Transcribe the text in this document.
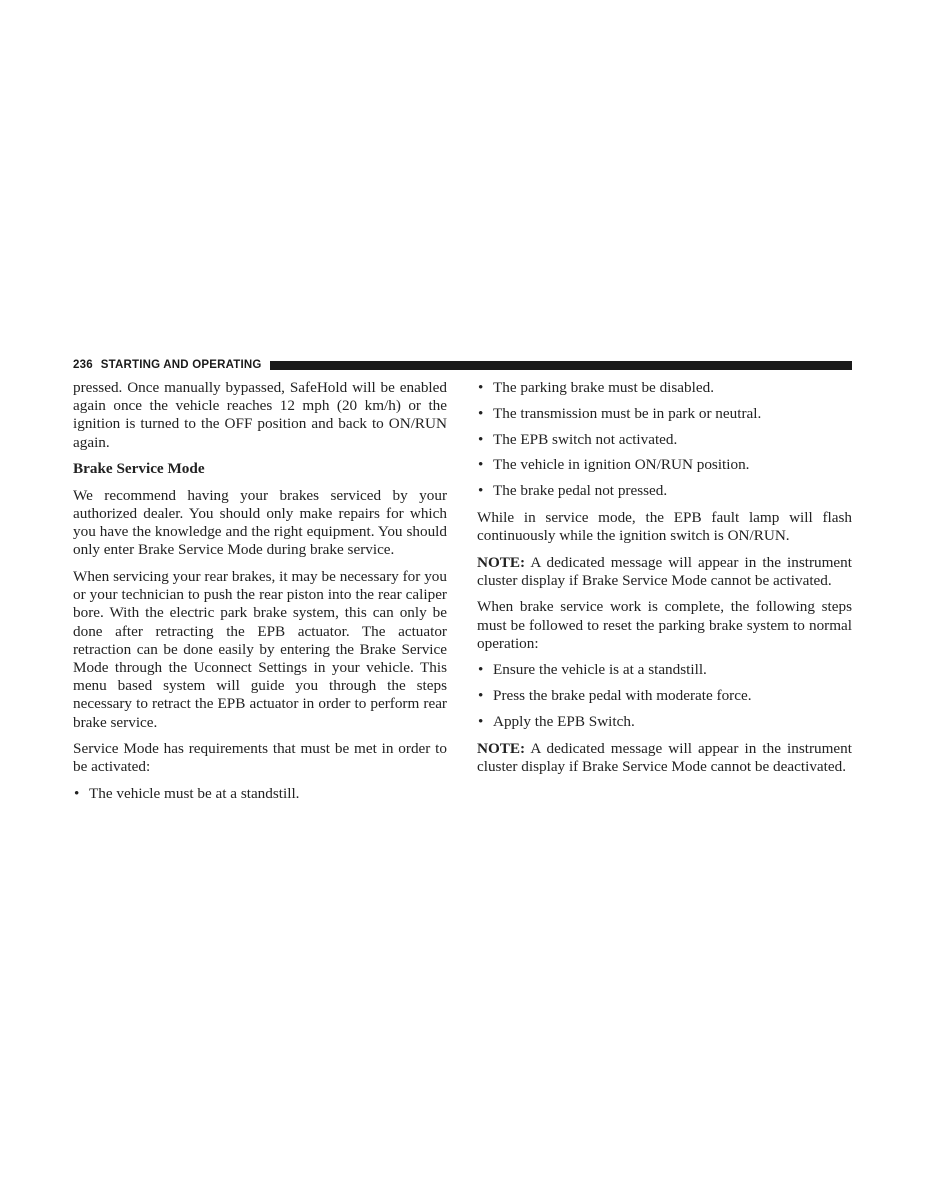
236 STARTING AND OPERATING

pressed. Once manually bypassed, SafeHold will be enabled again once the vehicle reaches 12 mph (20 km/h) or the ignition is turned to the OFF position and back to ON/RUN again.

Brake Service Mode

We recommend having your brakes serviced by your authorized dealer. You should only make repairs for which you have the knowledge and the right equipment. You should only enter Brake Service Mode during brake service.

When servicing your rear brakes, it may be necessary for you or your technician to push the rear piston into the rear caliper bore. With the electric park brake system, this can only be done after retracting the EPB actuator. The actuator retraction can be done easily by entering the Brake Service Mode through the Uconnect Settings in your vehicle. This menu based system will guide you through the steps necessary to retract the EPB actuator in order to perform rear brake service.

Service Mode has requirements that must be met in order to be activated:

• The vehicle must be at a standstill.
• The parking brake must be disabled.
• The transmission must be in park or neutral.
• The EPB switch not activated.
• The vehicle in ignition ON/RUN position.
• The brake pedal not pressed.

While in service mode, the EPB fault lamp will flash continuously while the ignition switch is ON/RUN.

NOTE: A dedicated message will appear in the instrument cluster display if Brake Service Mode cannot be activated.

When brake service work is complete, the following steps must be followed to reset the parking brake system to normal operation:

• Ensure the vehicle is at a standstill.
• Press the brake pedal with moderate force.
• Apply the EPB Switch.

NOTE: A dedicated message will appear in the instrument cluster display if Brake Service Mode cannot be deactivated.
